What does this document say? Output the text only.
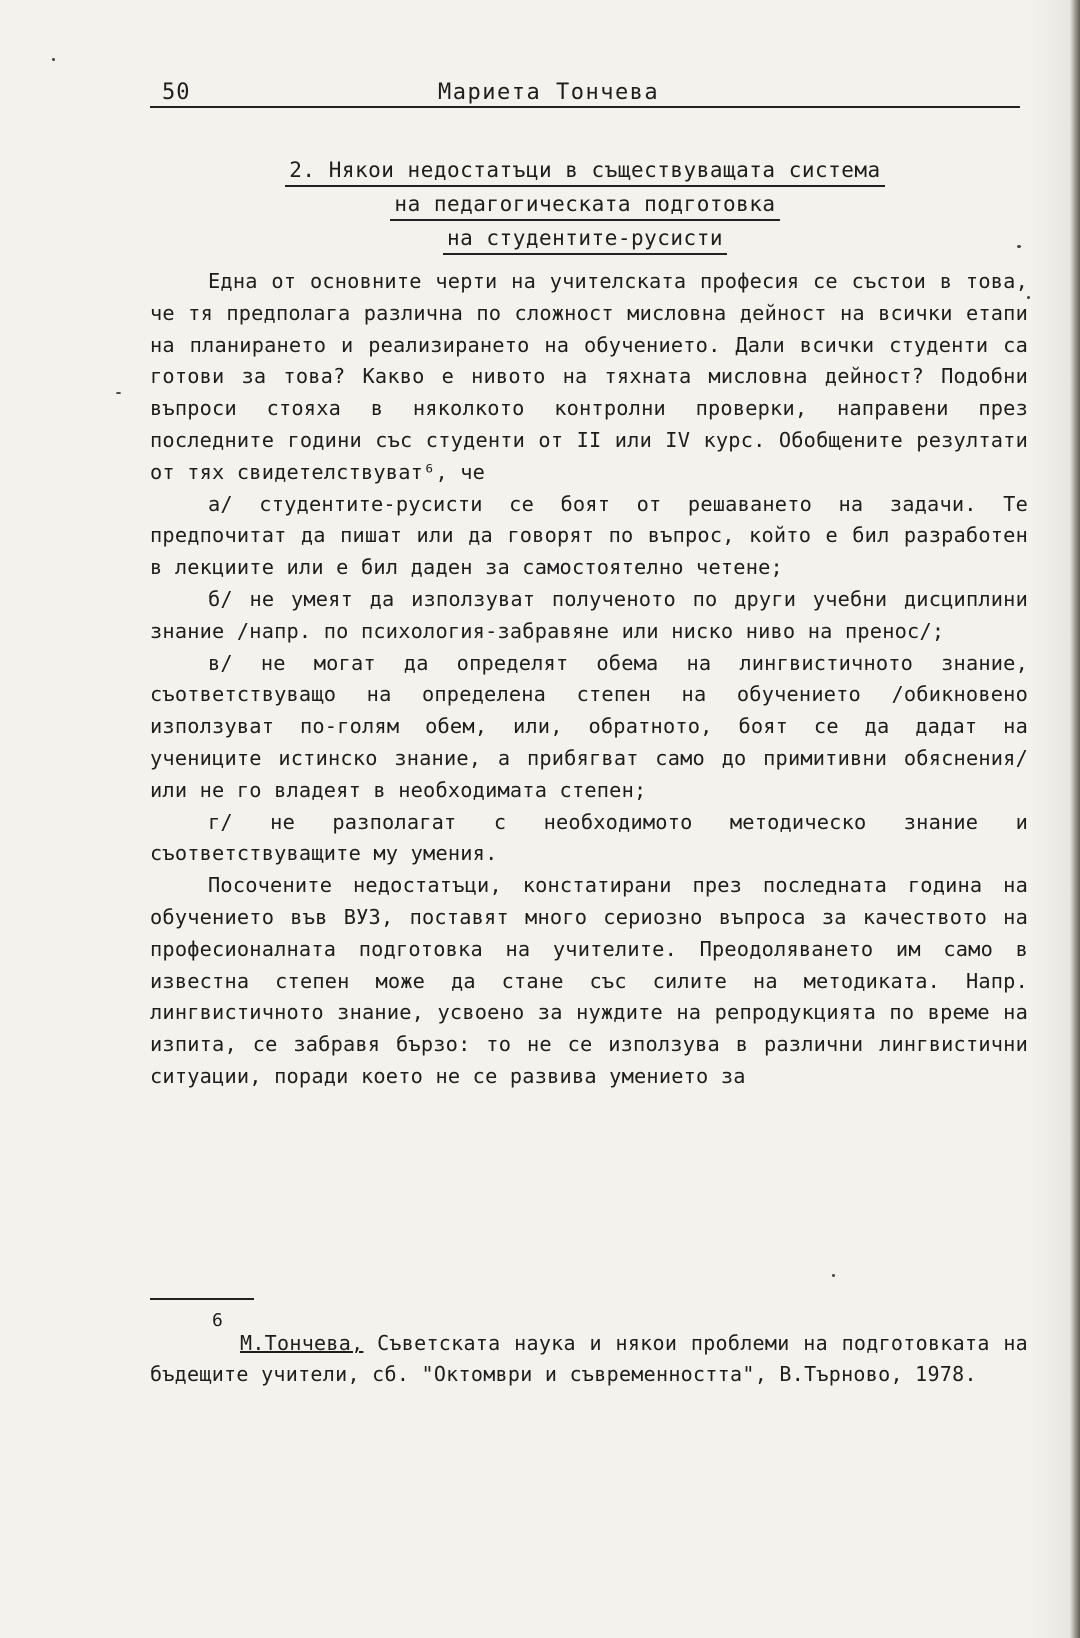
50	Мариета Тончева
2. Някои недостатъци в съществуващата система
на педагогическата подготовка
на студентите-русисти

Една от основните черти на учителската професия се състои в това, че тя предполага различна по сложност мисловна дейност на всички етапи на планирането и реализирането на обучението. Дали всички студенти са готови за това? Какво е нивото на тяхната мисловна дейност? Подобни въпроси стояха в няколкото контролни проверки, направени през последните години със студенти от II или IV курс. Обобщените резултати от тях свидетелствуват⁶, че

а/ студентите-русисти се боят от решаването на задачи. Те предпочитат да пишат или да говорят по въпрос, който е бил разработен в лекциите или е бил даден за самостоятелно четене;

б/ не умеят да използуват полученото по други учебни дисциплини знание /напр. по психология-забравяне или ниско ниво на пренос/;

в/ не могат да определят обема на лингвистичното знание, съответствуващо на определена степен на обучението /обикновено използуват по-голям обем, или, обратното, боят се да дадат на учениците истинско знание, а прибягват само до примитивни обяснения/ или не го владеят в необходимата степен;

г/ не разполагат с необходимото методическо знание и съответствуващите му умения.

Посочените недостатъци, констатирани през последната година на обучението във ВУЗ, поставят много сериозно въпроса за качеството на професионалната подготовка на учителите. Преодоляването им само в известна степен може да стане със силите на методиката. Напр. лингвистичното знание, усвоено за нуждите на репродукцията по време на изпита, се забравя бързо: то не се използува в различни лингвистични ситуации, поради което не се развива умението за

6

М.Тончева, Съветската наука и някои проблеми на подготовката на бъдещите учители, сб. "Октомври и съвременността", В.Търново, 1978.
